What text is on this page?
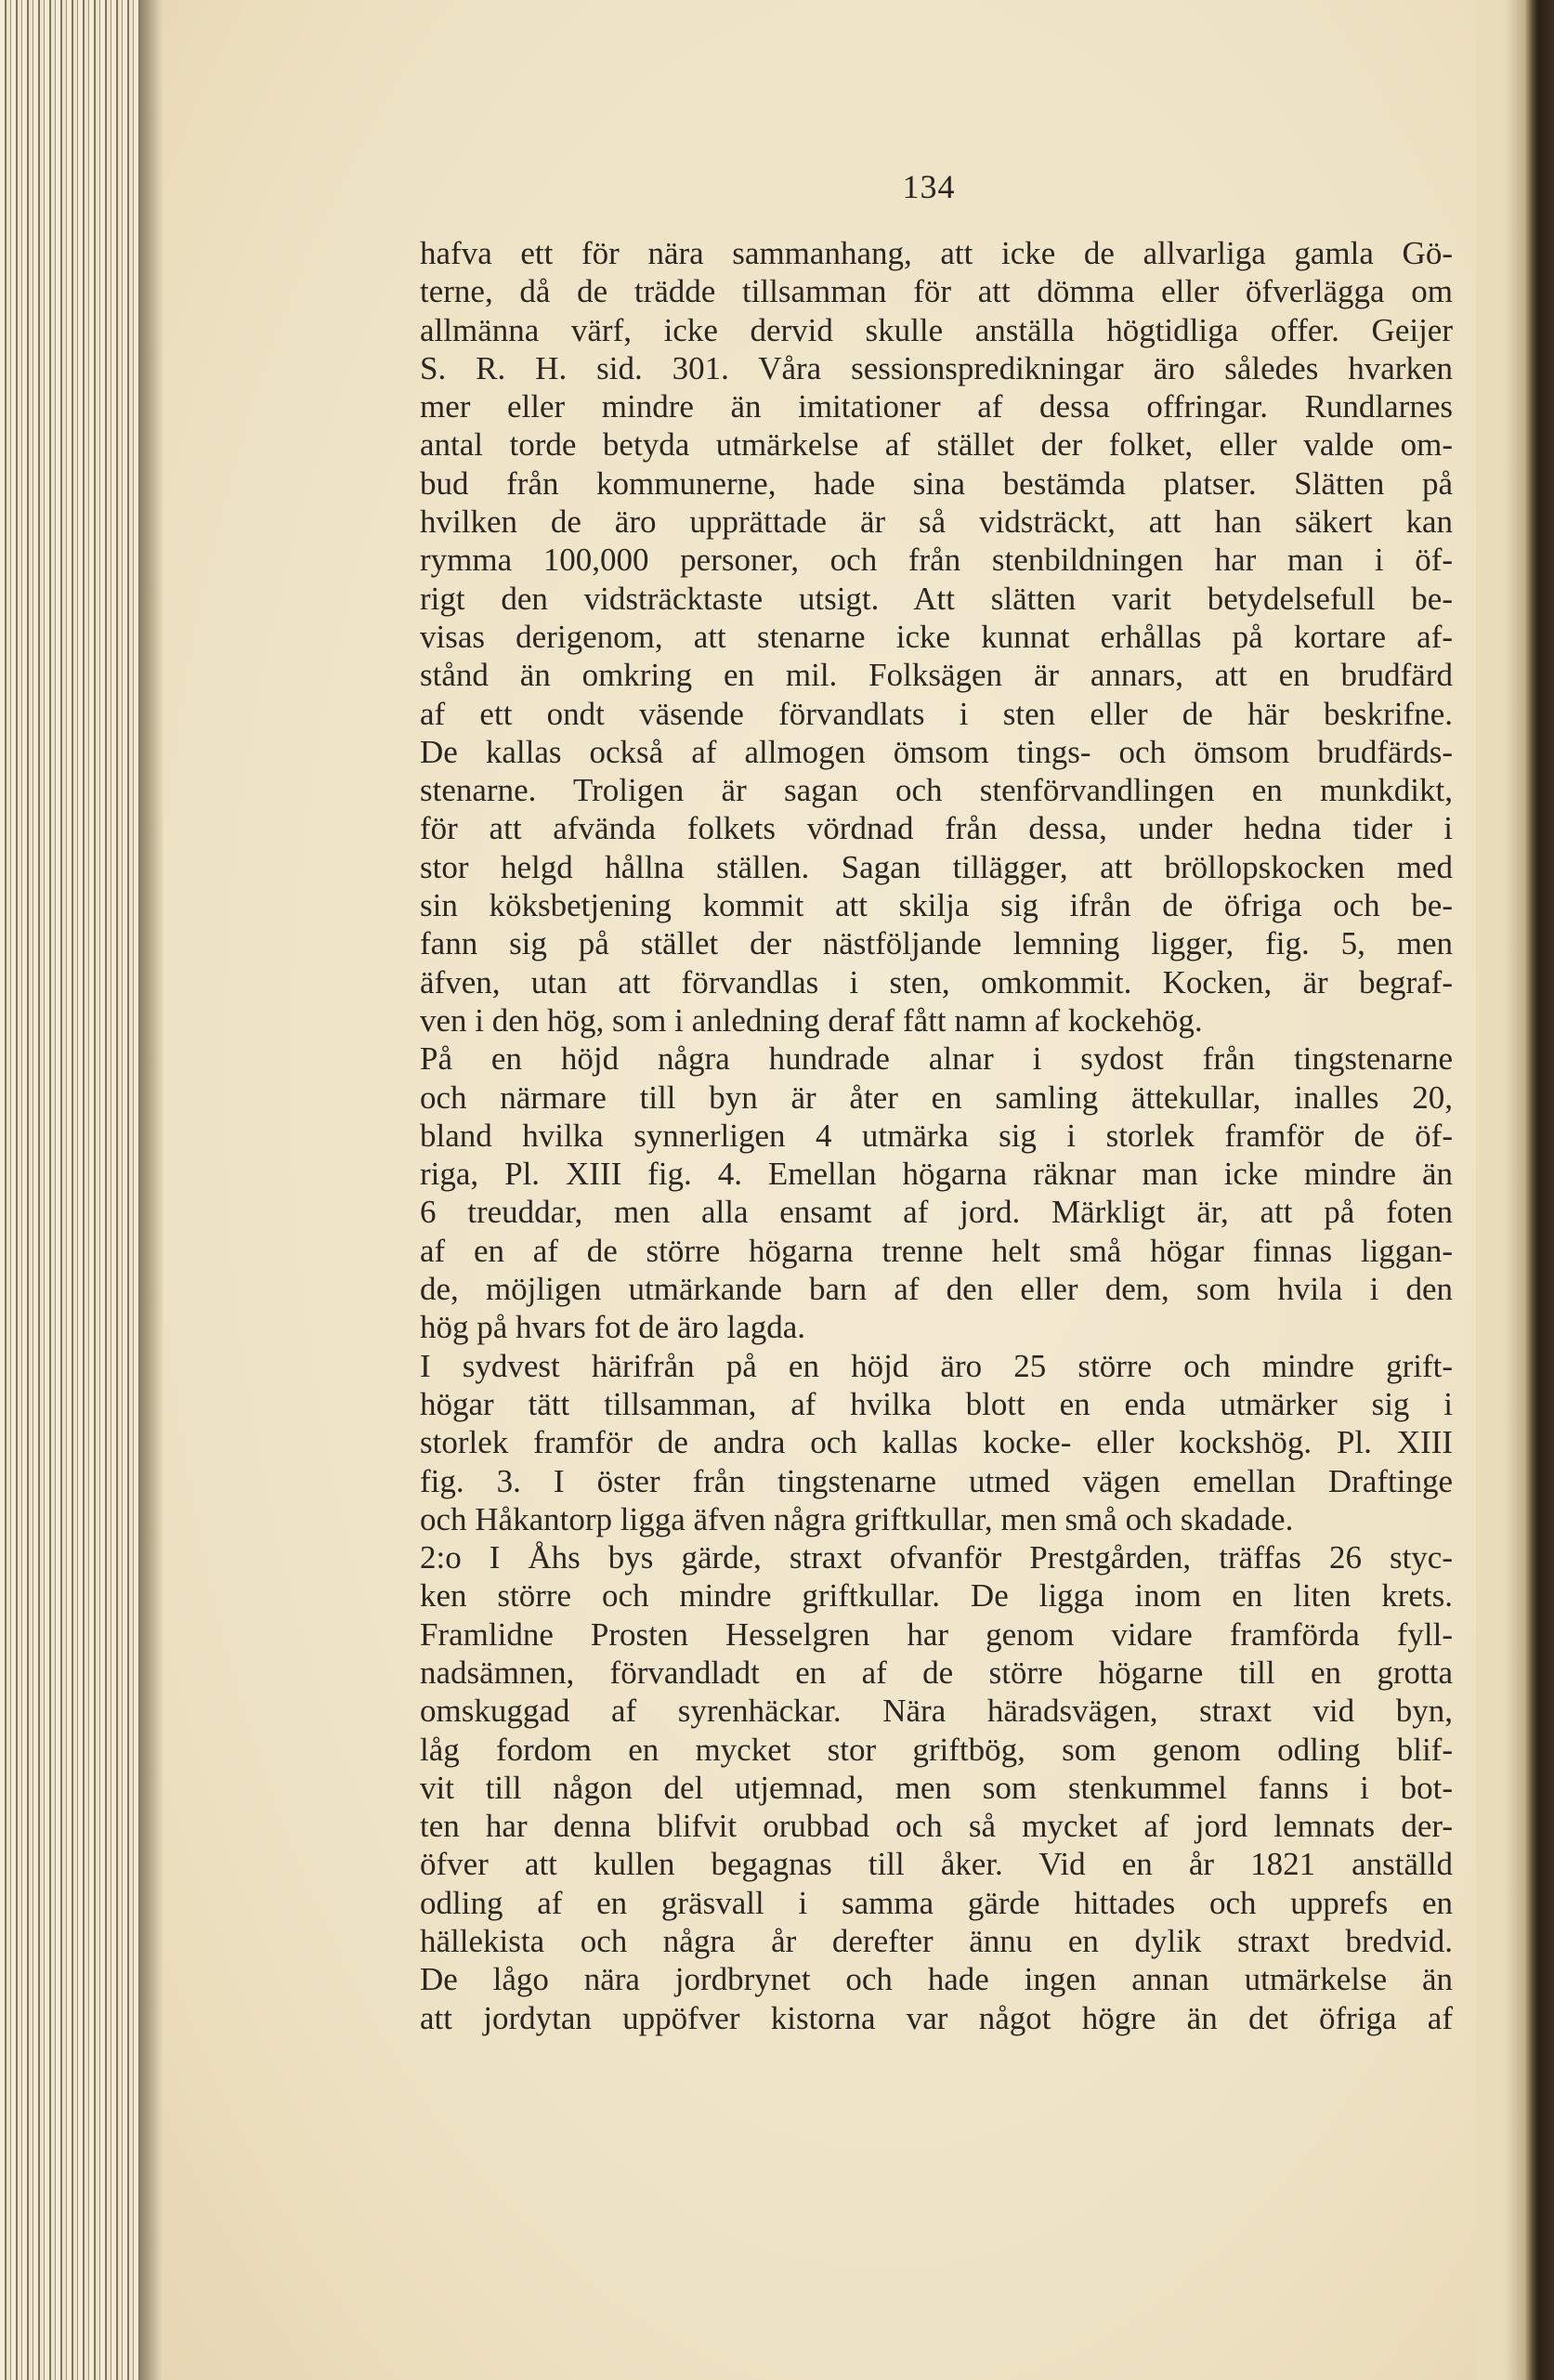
134
hafva ett för nära sammanhang, att icke de allvarliga gamla Gö-
terne, då de trädde tillsamman för att dömma eller öfverlägga om
allmänna värf, icke dervid skulle anställa högtidliga offer. Geijer
S. R. H. sid. 301. Våra sessionspredikningar äro således hvarken
mer eller mindre än imitationer af dessa offringar. Rundlarnes
antal torde betyda utmärkelse af stället der folket, eller valde om-
bud från kommunerne, hade sina bestämda platser. Slätten på
hvilken de äro upprättade är så vidsträckt, att han säkert kan
rymma 100,000 personer, och från stenbildningen har man i öf-
rigt den vidsträcktaste utsigt. Att slätten varit betydelsefull be-
visas derigenom, att stenarne icke kunnat erhållas på kortare af-
stånd än omkring en mil. Folksägen är annars, att en brudfärd
af ett ondt väsende förvandlats i sten eller de här beskrifne.
De kallas också af allmogen ömsom tings- och ömsom brudfärds-
stenarne. Troligen är sagan och stenförvandlingen en munkdikt,
för att afvända folkets vördnad från dessa, under hedna tider i
stor helgd hållna ställen. Sagan tillägger, att bröllopskocken med
sin köksbetjening kommit att skilja sig ifrån de öfriga och be-
fann sig på stället der nästföljande lemning ligger, fig. 5, men
äfven, utan att förvandlas i sten, omkommit. Kocken, är begraf-
ven i den hög, som i anledning deraf fått namn af kockehög.
På en höjd några hundrade alnar i sydost från tingstenarne
och närmare till byn är åter en samling ättekullar, inalles 20,
bland hvilka synnerligen 4 utmärka sig i storlek framför de öf-
riga, Pl. XIII fig. 4. Emellan högarna räknar man icke mindre än
6 treuddar, men alla ensamt af jord. Märkligt är, att på foten
af en af de större högarna trenne helt små högar finnas liggan-
de, möjligen utmärkande barn af den eller dem, som hvila i den
hög på hvars fot de äro lagda.
I sydvest härifrån på en höjd äro 25 större och mindre grift-
högar tätt tillsamman, af hvilka blott en enda utmärker sig i
storlek framför de andra och kallas kocke- eller kockshög. Pl. XIII
fig. 3. I öster från tingstenarne utmed vägen emellan Draftinge
och Håkantorp ligga äfven några griftkullar, men små och skadade.
2:o I Åhs bys gärde, straxt ofvanför Prestgården, träffas 26 styc-
ken större och mindre griftkullar. De ligga inom en liten krets.
Framlidne Prosten Hesselgren har genom vidare framförda fyll-
nadsämnen, förvandladt en af de större högarne till en grotta
omskuggad af syrenhäckar. Nära häradsvägen, straxt vid byn,
låg fordom en mycket stor griftbög, som genom odling blif-
vit till någon del utjemnad, men som stenkummel fanns i bot-
ten har denna blifvit orubbad och så mycket af jord lemnats der-
öfver att kullen begagnas till åker. Vid en år 1821 anställd
odling af en gräsvall i samma gärde hittades och upprefs en
hällekista och några år derefter ännu en dylik straxt bredvid.
De lågo nära jordbrynet och hade ingen annan utmärkelse än
att jordytan uppöfver kistorna var något högre än det öfriga af
